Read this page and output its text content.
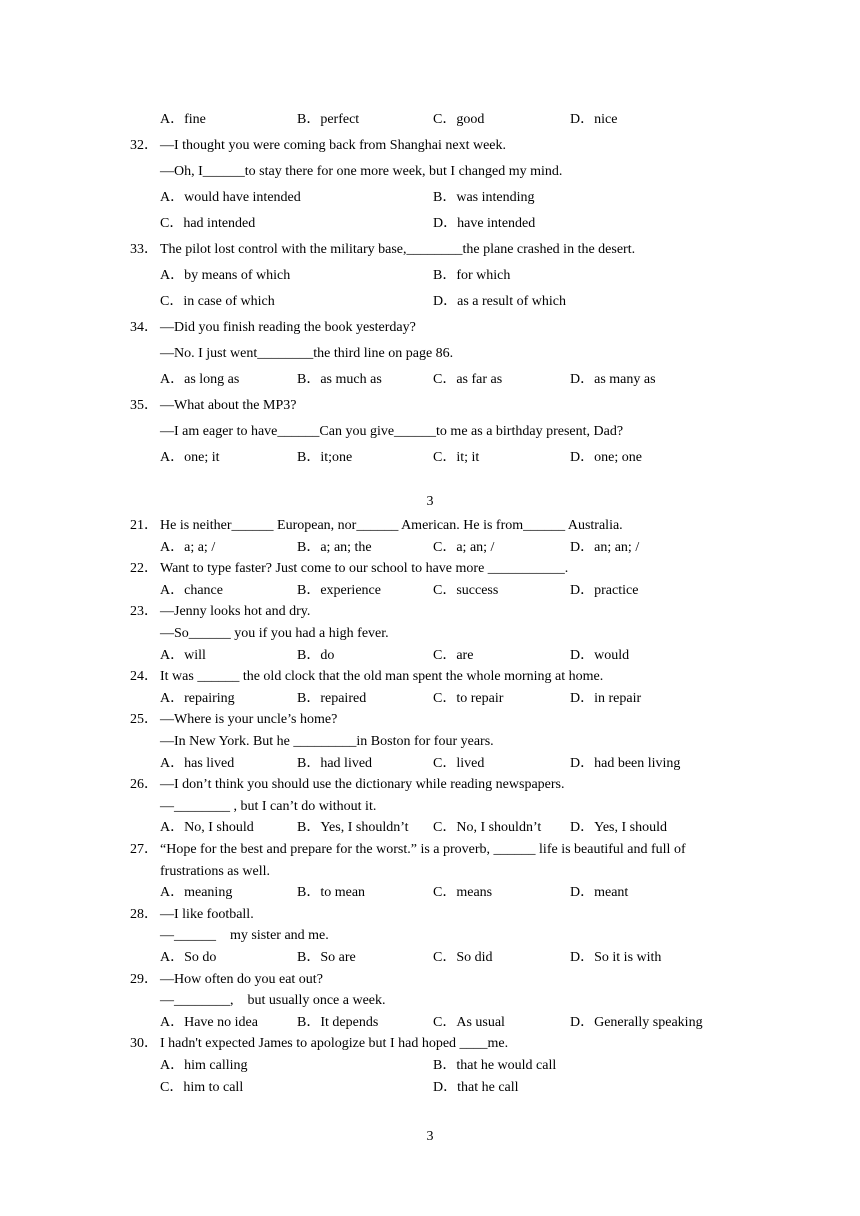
A．fine	B．perfect	C．good	D．nice
32． —I thought you were coming back from Shanghai next week.
—Oh, I______to stay there for one more week, but I changed my mind.
A．would have intended	B．was intending
C．had intended	D．have intended
33． The pilot lost control with the military base,________the plane crashed in the desert.
A．by means of which	B．for which
C．in case of which	D．as a result of which
34． —Did you finish reading the book yesterday?
—No. I just went________the third line on page 86.
A．as long as	B．as much as	C．as far as	D．as many as
35． —What about the MP3?
—I am eager to have______Can you give______to me as a birthday present, Dad?
A．one; it	B．it;one	C．it; it	D．one; one
3
21． He is neither______ European, nor______ American. He is from______ Australia.
A．a; a; /	B．a; an; the	C．a; an; /	D．an; an; /
22． Want to type faster? Just come to our school to have more ___________.
A．chance	B．experience	C．success	D．practice
23． —Jenny looks hot and dry.
—So______ you if you had a high fever.
A．will	B．do	C．are	D．would
24． It was ______ the old clock that the old man spent the whole morning at home.
A．repairing	B．repaired	C．to repair	D．in repair
25． —Where is your uncle’s home?
—In New York. But he _________in Boston for four years.
A．has lived	B．had lived	C．lived	D．had been living
26． —I don’t think you should use the dictionary while reading newspapers.
—________ , but I can’t do without it.
A．No, I should	B．Yes, I shouldn’t C．No, I shouldn’t D．Yes, I should
27． “Hope for the best and prepare for the worst.” is a proverb, ______ life is beautiful and full of
frustrations as well.
A．meaning	B．to mean	C．means	D．meant
28． —I like football.
—______    my sister and me.
A．So do	B．So are	C．So did	D．So it is with
29． —How often do you eat out?
—________,    but usually once a week.
A．Have no idea	B．It depends	C．As usual	D．Generally speaking
30． I hadn't expected James to apologize but I had hoped ____me.
A．him calling	B．that he would call
C．him to call	D．that he call
3
